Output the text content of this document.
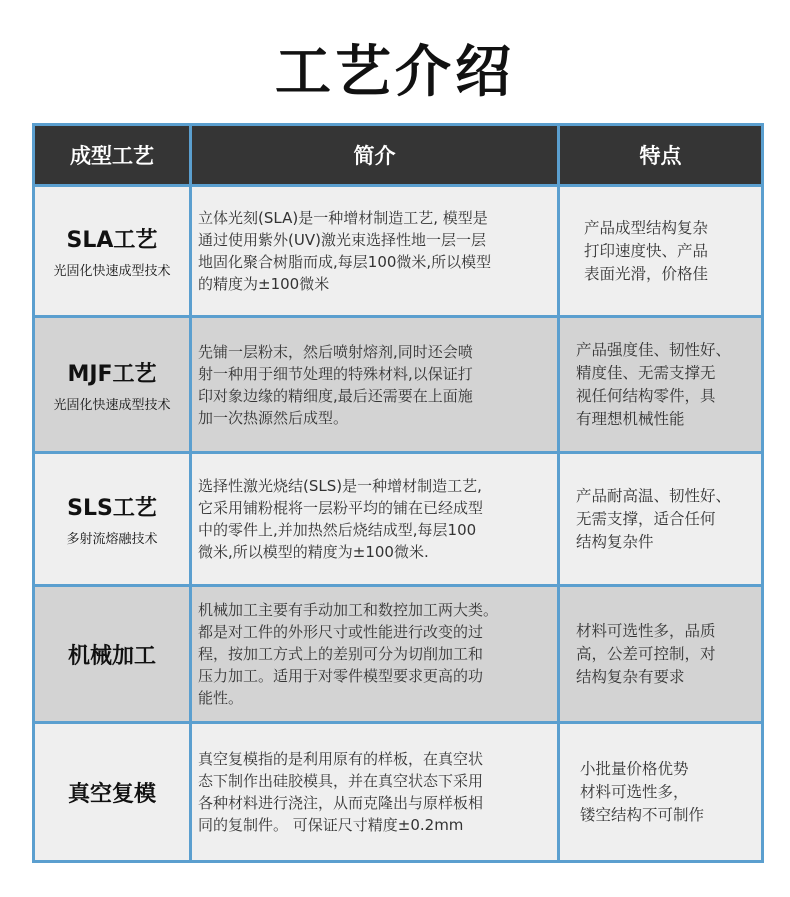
工艺介绍
成型工艺	简介	特点

SLA工艺
光固化快速成型技术	立体光刻(SLA)是一种增材制造工艺, 模型是
通过使用紫外(UV)激光束选择性地一层一层
地固化聚合树脂而成,每层100微米,所以模型
的精度为±100微米	产品成型结构复杂
打印速度快、产品
表面光滑，价格佳

MJF工艺
光固化快速成型技术	先铺一层粉末，然后喷射熔剂,同时还会喷
射一种用于细节处理的特殊材料,以保证打
印对象边缘的精细度,最后还需要在上面施
加一次热源然后成型。	产品强度佳、韧性好、
精度佳、无需支撑无
视任何结构零件，具
有理想机械性能

SLS工艺
多射流熔融技术	选择性激光烧结(SLS)是一种增材制造工艺,
它采用铺粉棍将一层粉平均的铺在已经成型
中的零件上,并加热然后烧结成型,每层100
微米,所以模型的精度为±100微米.	产品耐高温、韧性好、
无需支撑，适合任何
结构复杂件

机械加工	机械加工主要有手动加工和数控加工两大类。
都是对工件的外形尺寸或性能进行改变的过
程，按加工方式上的差别可分为切削加工和
压力加工。适用于对零件模型要求更高的功
能性。	材料可选性多，品质
高，公差可控制，对
结构复杂有要求

真空复模	真空复模指的是利用原有的样板，在真空状
态下制作出硅胶模具，并在真空状态下采用
各种材料进行浇注，从而克隆出与原样板相
同的复制件。 可保证尺寸精度±0.2mm	小批量价格优势
材料可选性多，
镂空结构不可制作
